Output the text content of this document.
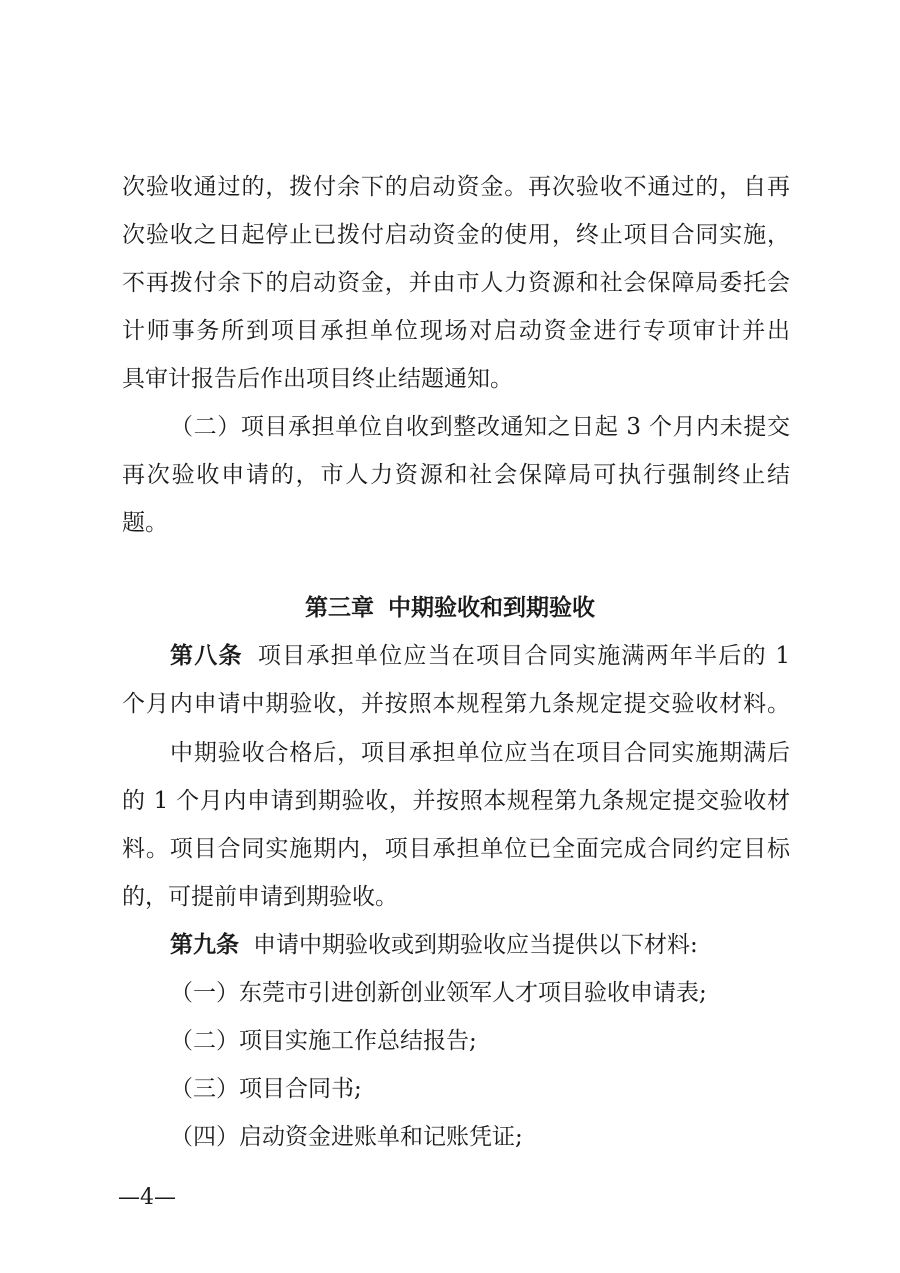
次验收通过的，拨付余下的启动资金。再次验收不通过的，自再
次验收之日起停止已拨付启动资金的使用，终止项目合同实施，
不再拨付余下的启动资金，并由市人力资源和社会保障局委托会
计师事务所到项目承担单位现场对启动资金进行专项审计并出
具审计报告后作出项目终止结题通知。
（二）项目承担单位自收到整改通知之日起 3 个月内未提交
再次验收申请的，市人力资源和社会保障局可执行强制终止结
题。
第三章 中期验收和到期验收
第八条 项目承担单位应当在项目合同实施满两年半后的 1
个月内申请中期验收，并按照本规程第九条规定提交验收材料。
中期验收合格后，项目承担单位应当在项目合同实施期满后
的 1 个月内申请到期验收，并按照本规程第九条规定提交验收材
料。项目合同实施期内，项目承担单位已全面完成合同约定目标
的，可提前申请到期验收。
第九条 申请中期验收或到期验收应当提供以下材料:
（一）东莞市引进创新创业领军人才项目验收申请表;
（二）项目实施工作总结报告;
（三）项目合同书;
（四）启动资金进账单和记账凭证;
—4—
